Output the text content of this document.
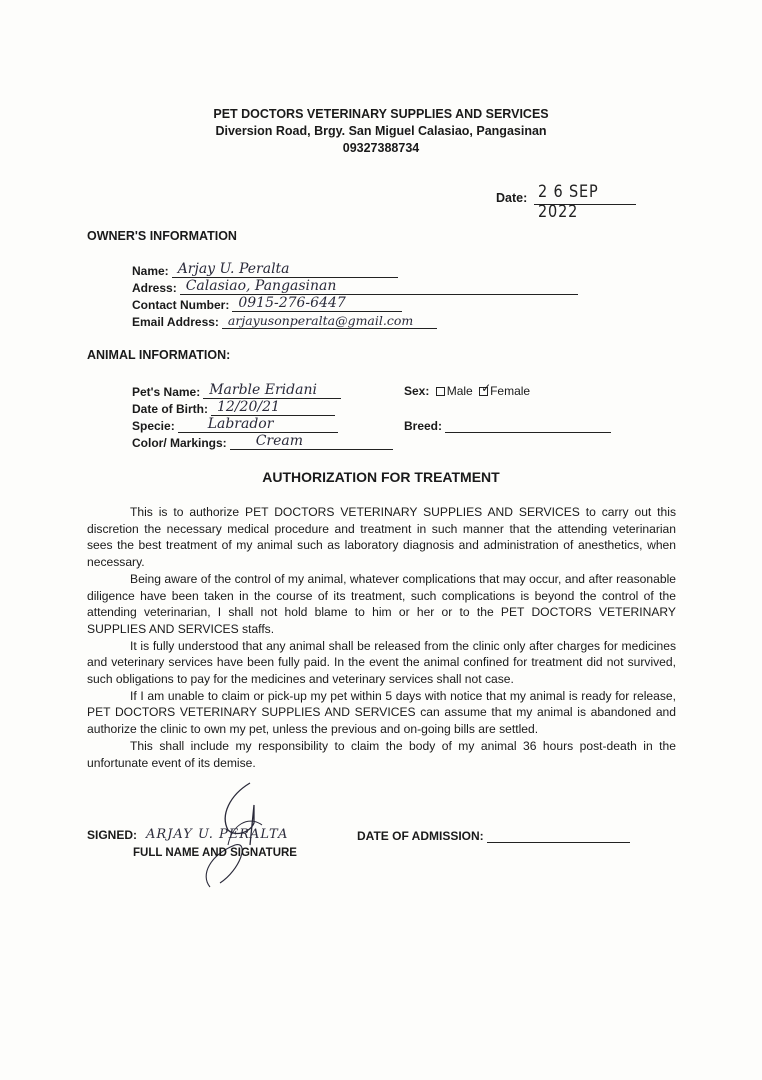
PET DOCTORS VETERINARY SUPPLIES AND SERVICES
Diversion Road, Brgy. San Miguel Calasiao, Pangasinan
09327388734
Date: 2 6 SEP 2022
OWNER'S INFORMATION
Name: Arjay U. Peralta
Adress: Calasiao, Pangasinan
Contact Number: 0915-276-6447
Email Address: arjayusonperalta@gmail.com
ANIMAL INFORMATION:
Pet's Name: Marble Eridani
Date of Birth: 12/20/21
Specie: Labrador
Color/ Markings: Cream
Sex: Male ✓
Female
Breed:
AUTHORIZATION FOR TREATMENT

This is to authorize PET DOCTORS VETERINARY SUPPLIES AND SERVICES to carry out this discretion the necessary medical procedure and treatment in such manner that the attending veterinarian sees the best treatment of my animal such as laboratory diagnosis and administration of anesthetics, when necessary.

Being aware of the control of my animal, whatever complications that may occur, and after reasonable diligence have been taken in the course of its treatment, such complications is beyond the control of the attending veterinarian, I shall not hold blame to him or her or to the PET DOCTORS VETERINARY SUPPLIES AND SERVICES staffs.

It is fully understood that any animal shall be released from the clinic only after charges for medicines and veterinary services have been fully paid. In the event the animal confined for treatment did not survived, such obligations to pay for the medicines and veterinary services shall not case.

If I am unable to claim or pick-up my pet within 5 days with notice that my animal is ready for release, PET DOCTORS VETERINARY SUPPLIES AND SERVICES can assume that my animal is abandoned and authorize the clinic to own my pet, unless the previous and on-going bills are settled.

This shall include my responsibility to claim the body of my animal 36 hours post-death in the unfortunate event of its demise.

SIGNED: ARJAY U. PERALTA
FULL NAME AND SIGNATURE
DATE OF ADMISSION:
